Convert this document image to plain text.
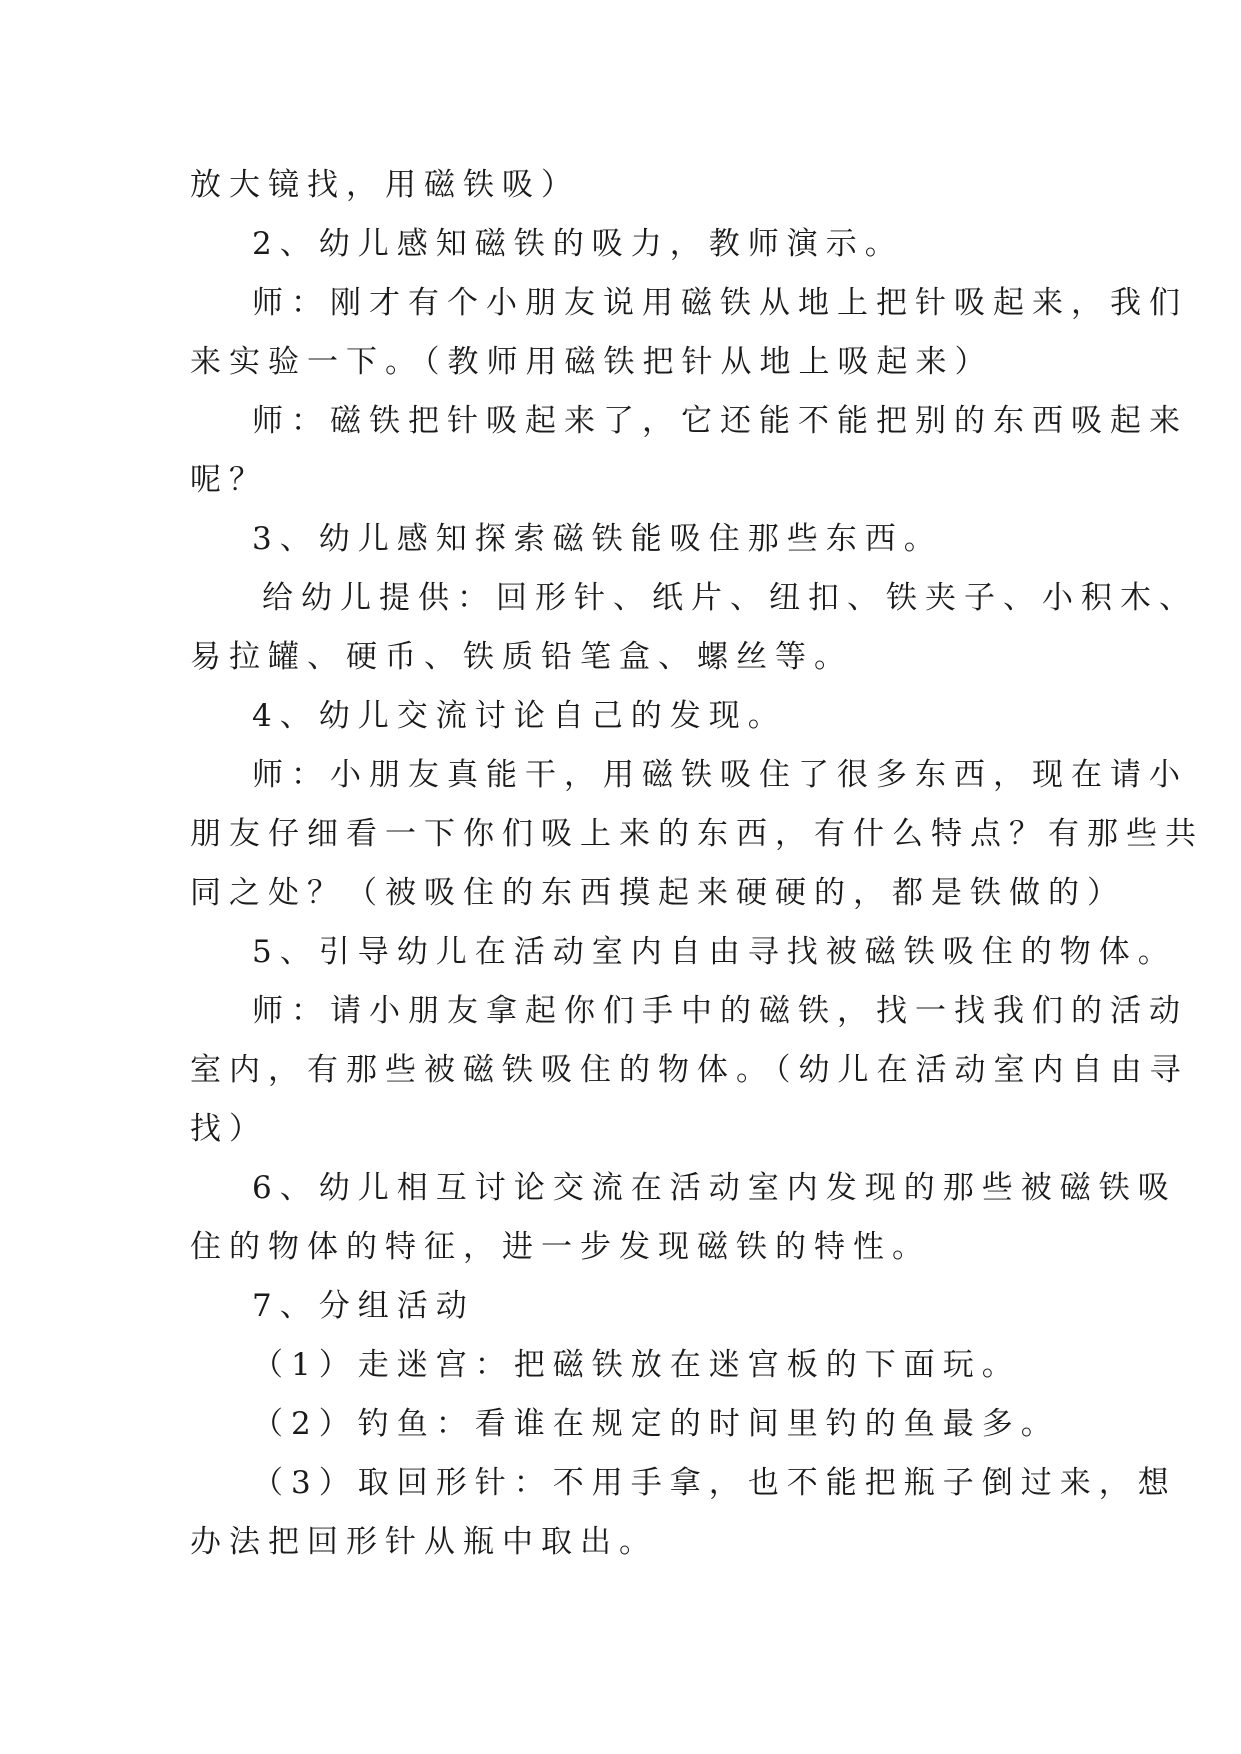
放大镜找，用磁铁吸）
2、幼儿感知磁铁的吸力，教师演示。
师：刚才有个小朋友说用磁铁从地上把针吸起来，我们
来实验一下。（教师用磁铁把针从地上吸起来）
师：磁铁把针吸起来了，它还能不能把别的东西吸起来
呢？
3、幼儿感知探索磁铁能吸住那些东西。
给幼儿提供：回形针、纸片、纽扣、铁夹子、小积木、
易拉罐、硬币、铁质铅笔盒、螺丝等。
4、幼儿交流讨论自己的发现。
师：小朋友真能干，用磁铁吸住了很多东西，现在请小
朋友仔细看一下你们吸上来的东西，有什么特点？有那些共
同之处？（被吸住的东西摸起来硬硬的，都是铁做的）
5、引导幼儿在活动室内自由寻找被磁铁吸住的物体。
师：请小朋友拿起你们手中的磁铁，找一找我们的活动
室内，有那些被磁铁吸住的物体。（幼儿在活动室内自由寻
找）
6、幼儿相互讨论交流在活动室内发现的那些被磁铁吸
住的物体的特征，进一步发现磁铁的特性。
7、分组活动
（1）走迷宫：把磁铁放在迷宫板的下面玩。
（2）钓鱼：看谁在规定的时间里钓的鱼最多。
（3）取回形针：不用手拿，也不能把瓶子倒过来，想
办法把回形针从瓶中取出。
